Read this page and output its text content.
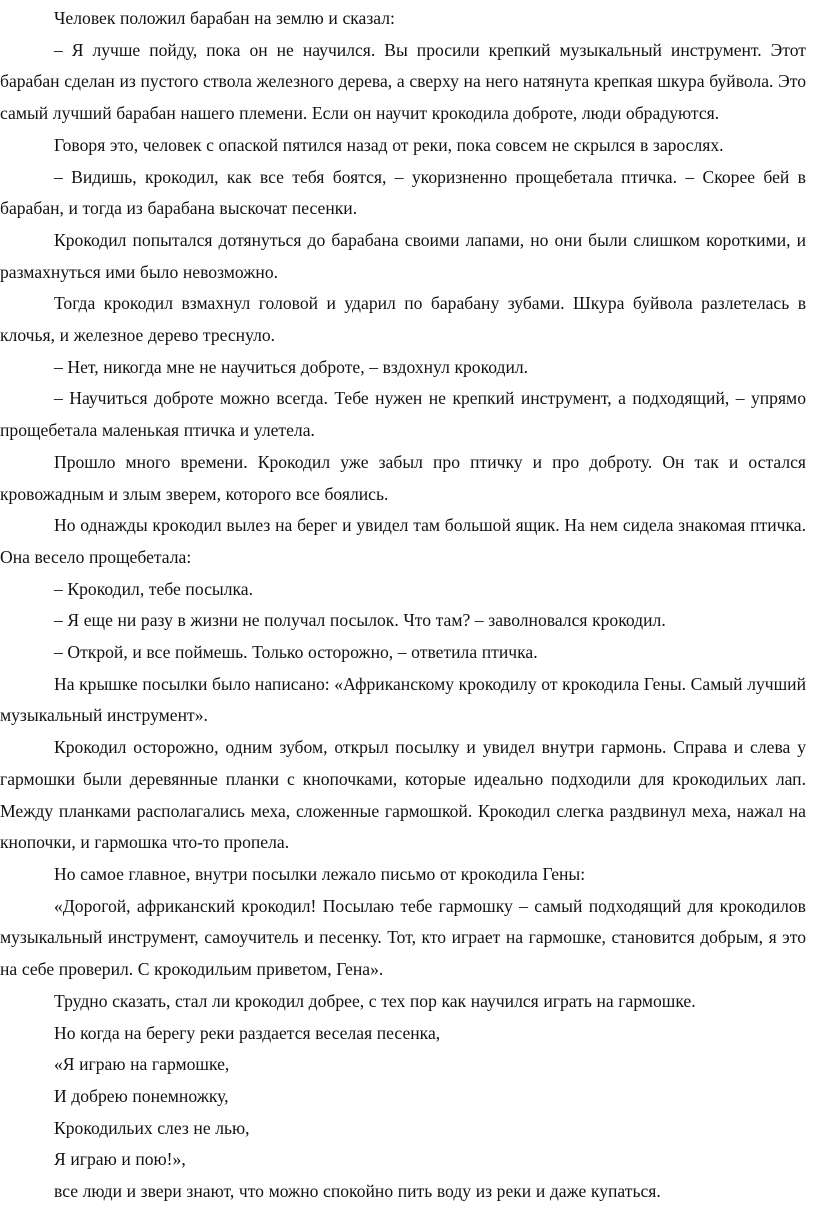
Человек положил барабан на землю и сказал:

– Я лучше пойду, пока он не научился. Вы просили крепкий музыкальный инструмент. Этот барабан сделан из пустого ствола железного дерева, а сверху на него натянута крепкая шкура буйвола. Это самый лучший барабан нашего племени. Если он научит крокодила доброте, люди обрадуются.

Говоря это, человек с опаской пятился назад от реки, пока совсем не скрылся в зарослях.

– Видишь, крокодил, как все тебя боятся, – укоризненно прощебетала птичка. – Скорее бей в барабан, и тогда из барабана выскочат песенки.

Крокодил попытался дотянуться до барабана своими лапами, но они были слишком короткими, и размахнуться ими было невозможно.

Тогда крокодил взмахнул головой и ударил по барабану зубами. Шкура буйвола разлетелась в клочья, и железное дерево треснуло.

– Нет, никогда мне не научиться доброте, – вздохнул крокодил.

– Научиться доброте можно всегда. Тебе нужен не крепкий инструмент, а подходящий, – упрямо прощебетала маленькая птичка и улетела.

Прошло много времени. Крокодил уже забыл про птичку и про доброту. Он так и остался кровожадным и злым зверем, которого все боялись.

Но однажды крокодил вылез на берег и увидел там большой ящик. На нем сидела знакомая птичка. Она весело прощебетала:

– Крокодил, тебе посылка.

– Я еще ни разу в жизни не получал посылок. Что там? – заволновался крокодил.

– Открой, и все поймешь. Только осторожно, – ответила птичка.

На крышке посылки было написано: «Африканскому крокодилу от крокодила Гены. Самый лучший музыкальный инструмент».

Крокодил осторожно, одним зубом, открыл посылку и увидел внутри гармонь. Справа и слева у гармошки были деревянные планки с кнопочками, которые идеально подходили для крокодильих лап. Между планками располагались меха, сложенные гармошкой. Крокодил слегка раздвинул меха, нажал на кнопочки, и гармошка что-то пропела.

Но самое главное, внутри посылки лежало письмо от крокодила Гены:

«Дорогой, африканский крокодил! Посылаю тебе гармошку – самый подходящий для крокодилов музыкальный инструмент, самоучитель и песенку. Тот, кто играет на гармошке, становится добрым, я это на себе проверил. С крокодильим приветом, Гена».

Трудно сказать, стал ли крокодил добрее, с тех пор как научился играть на гармошке.

Но когда на берегу реки раздается веселая песенка,

«Я играю на гармошке,

И добрею понемножку,

Крокодильих слез не лью,

Я играю и пою!»,

все люди и звери знают, что можно спокойно пить воду из реки и даже купаться.
